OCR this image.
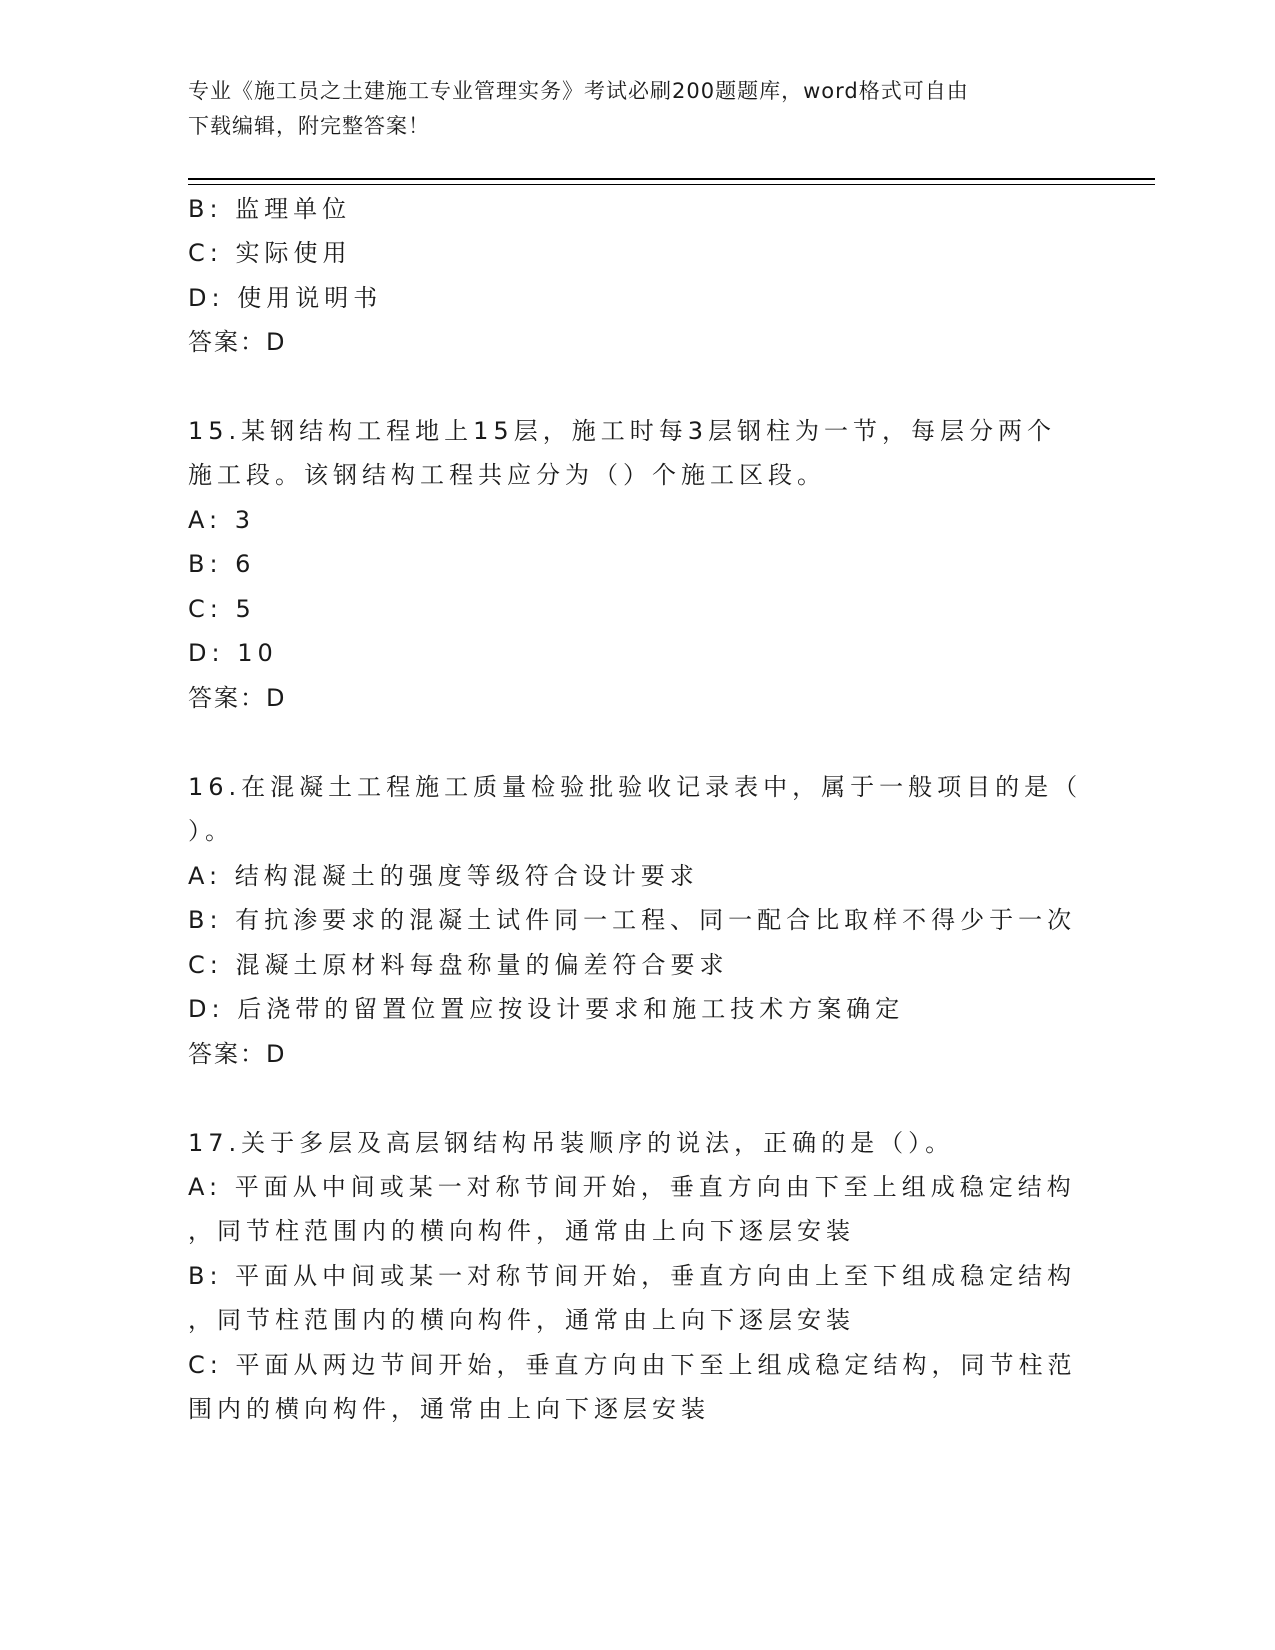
专业《施工员之土建施工专业管理实务》考试必刷200题题库，word格式可自由
下载编辑，附完整答案！
B: 监理单位
C: 实际使用
D: 使用说明书
答案：D
15.某钢结构工程地上15层，施工时每3层钢柱为一节，每层分两个
施工段。该钢结构工程共应分为（）个施工区段。
A: 3
B: 6
C: 5
D: 10
答案：D
16.在混凝土工程施工质量检验批验收记录表中，属于一般项目的是（
）。
A: 结构混凝土的强度等级符合设计要求
B: 有抗渗要求的混凝土试件同一工程、同一配合比取样不得少于一次
C: 混凝土原材料每盘称量的偏差符合要求
D: 后浇带的留置位置应按设计要求和施工技术方案确定
答案：D
17.关于多层及高层钢结构吊装顺序的说法，正确的是（）。
A: 平面从中间或某一对称节间开始，垂直方向由下至上组成稳定结构
，同节柱范围内的横向构件，通常由上向下逐层安装
B: 平面从中间或某一对称节间开始，垂直方向由上至下组成稳定结构
，同节柱范围内的横向构件，通常由上向下逐层安装
C: 平面从两边节间开始，垂直方向由下至上组成稳定结构，同节柱范
围内的横向构件，通常由上向下逐层安装
